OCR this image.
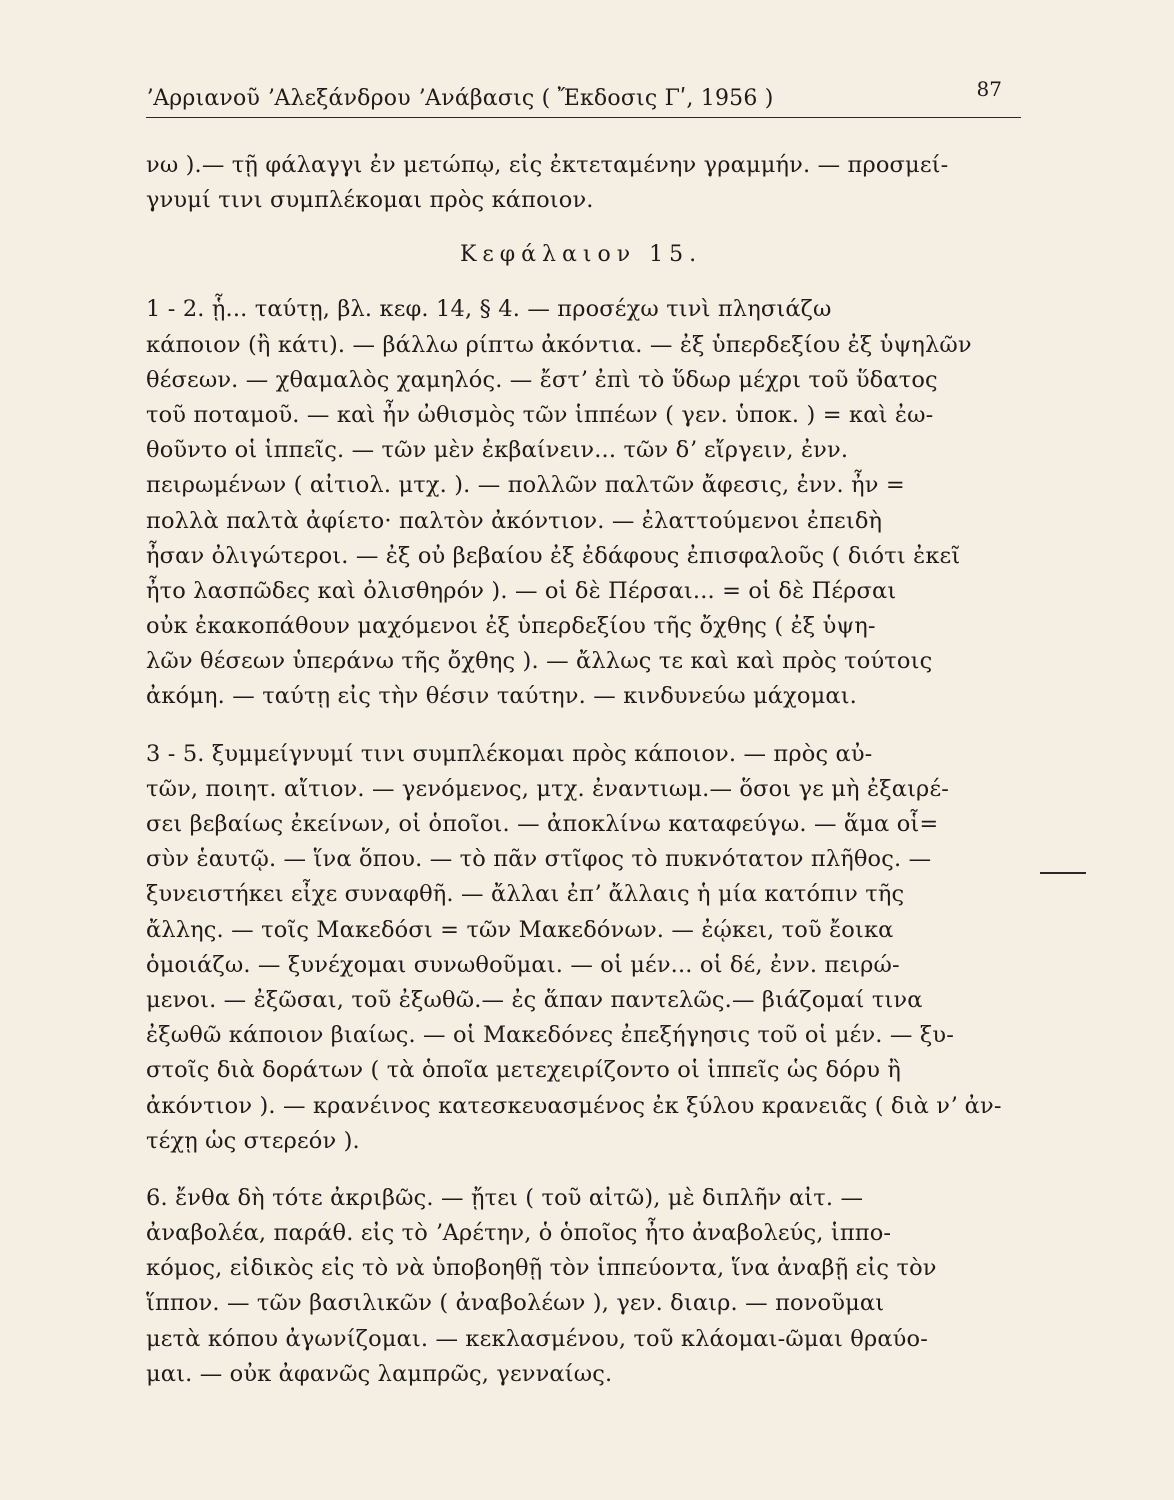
ʼΑρριανοῦ ʼΑλεξάνδρου ʼΑνάβασις ( Ἔκδοσις Γʹ, 1956 )	87
νω ).— τῇ φάλαγγι ἐν μετώπῳ, εἰς ἐκτεταμένην γραμμήν. — προσμεί-
γνυμί τινι συμπλέκομαι πρὸς κάποιον.
Κεφάλαιον 15.
1 - 2. ᾗ... ταύτῃ, βλ. κεφ. 14, § 4. — προσέχω τινὶ πλησιάζω
κάποιον (ἢ κάτι). — βάλλω ρίπτω ἀκόντια. — ἐξ ὑπερδεξίου ἐξ ὑψηλῶν
θέσεων. — χθαμαλὸς χαμηλός. — ἔστʼ ἐπὶ τὸ ὕδωρ μέχρι τοῦ ὕδατος
τοῦ ποταμοῦ. — καὶ ἦν ὠθισμὸς τῶν ἱππέων ( γεν. ὑποκ. ) = καὶ ἐω-
θοῦντο οἱ ἱππεῖς. — τῶν μὲν ἐκβαίνειν... τῶν δʼ εἴργειν, ἐνν.
πειρωμένων ( αἰτιολ. μτχ. ). — πολλῶν παλτῶν ἄφεσις, ἐνν. ἦν =
πολλὰ παλτὰ ἀφίετο· παλτὸν ἀκόντιον. — ἐλαττούμενοι ἐπειδὴ
ἦσαν ὀλιγώτεροι. — ἐξ οὐ βεβαίου ἐξ ἐδάφους ἐπισφαλοῦς ( διότι ἐκεῖ
ἦτο λασπῶδες καὶ ὀλισθηρόν ). — οἱ δὲ Πέρσαι... = οἱ δὲ Πέρσαι
οὐκ ἐκακοπάθουν μαχόμενοι ἐξ ὑπερδεξίου τῆς ὄχθης ( ἐξ ὑψη-
λῶν θέσεων ὑπεράνω τῆς ὄχθης ). — ἄλλως τε καὶ καὶ πρὸς τούτοις
ἀκόμη. — ταύτῃ εἰς τὴν θέσιν ταύτην. — κινδυνεύω μάχομαι.
3 - 5. ξυμμείγνυμί τινι συμπλέκομαι πρὸς κάποιον. — πρὸς αὐ-
τῶν, ποιητ. αἴτιον. — γενόμενος, μτχ. ἐναντιωμ.— ὅσοι γε μὴ ἐξαιρέ-
σει βεβαίως ἐκείνων, οἱ ὁποῖοι. — ἀποκλίνω καταφεύγω. — ἅμα οἷ=
σὺν ἑαυτῷ. — ἵνα ὅπου. — τὸ πᾶν στῖφος τὸ πυκνότατον πλῆθος. —
ξυνειστήκει εἶχε συναφθῆ. — ἄλλαι ἐπʼ ἄλλαις ἡ μία κατόπιν τῆς
ἄλλης. — τοῖς Μακεδόσι = τῶν Μακεδόνων. — ἐῴκει, τοῦ ἔοικα
ὁμοιάζω. — ξυνέχομαι συνωθοῦμαι. — οἱ μέν... οἱ δέ, ἐνν. πειρώ-
μενοι. — ἐξῶσαι, τοῦ ἐξωθῶ.— ἐς ἅπαν παντελῶς.— βιάζομαί τινα
ἐξωθῶ κάποιον βιαίως. — οἱ Μακεδόνες ἐπεξήγησις τοῦ οἱ μέν. — ξυ-
στοῖς διὰ δοράτων ( τὰ ὁποῖα μετεχειρίζοντο οἱ ἱππεῖς ὡς δόρυ ἢ
ἀκόντιον ). — κρανέινος κατεσκευασμένος ἐκ ξύλου κρανειᾶς ( διὰ νʼ ἀν-
τέχῃ ὡς στερεόν ).
6. ἔνθα δὴ τότε ἀκριβῶς. — ᾔτει ( τοῦ αἰτῶ), μὲ διπλῆν αἰτ. —
ἀναβολέα, παράθ. εἰς τὸ ʼΑρέτην, ὁ ὁποῖος ἦτο ἀναβολεύς, ἱππο-
κόμος, εἰδικὸς εἰς τὸ νὰ ὑποβοηθῇ τὸν ἱππεύοντα, ἵνα ἀναβῇ εἰς τὸν
ἵππον. — τῶν βασιλικῶν ( ἀναβολέων ), γεν. διαιρ. — πονοῦμαι
μετὰ κόπου ἀγωνίζομαι. — κεκλασμένου, τοῦ κλάομαι-ῶμαι θραύο-
μαι. — οὐκ ἀφανῶς λαμπρῶς, γενναίως.
